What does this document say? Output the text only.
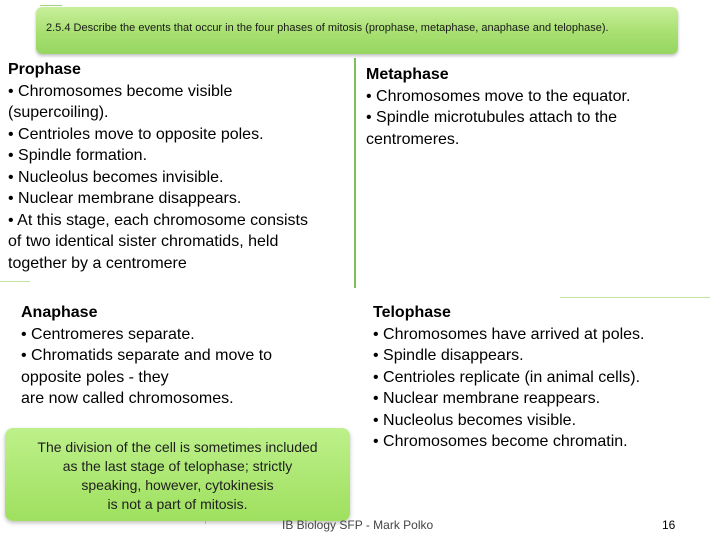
2.5.4 Describe the events that occur in the four phases of mitosis (prophase, metaphase, anaphase and telophase).
Prophase
• Chromosomes become visible
(supercoiling).
• Centrioles move to opposite poles.
• Spindle formation.
• Nucleolus becomes invisible.
• Nuclear membrane disappears.
• At this stage, each chromosome consists
of two identical sister chromatids, held
together by a centromere
Metaphase
• Chromosomes move to the equator.
• Spindle microtubules attach to the
centromeres.
Anaphase
• Centromeres separate.
• Chromatids separate and move to
opposite poles - they
are now called chromosomes.
Telophase
• Chromosomes have arrived at poles.
• Spindle disappears.
• Centrioles replicate (in animal cells).
• Nuclear membrane reappears.
• Nucleolus becomes visible.
• Chromosomes become chromatin.
The division of the cell is sometimes included
as the last stage of telophase; strictly
speaking, however, cytokinesis
is not a part of mitosis.
IB Biology SFP - Mark Polko	16
